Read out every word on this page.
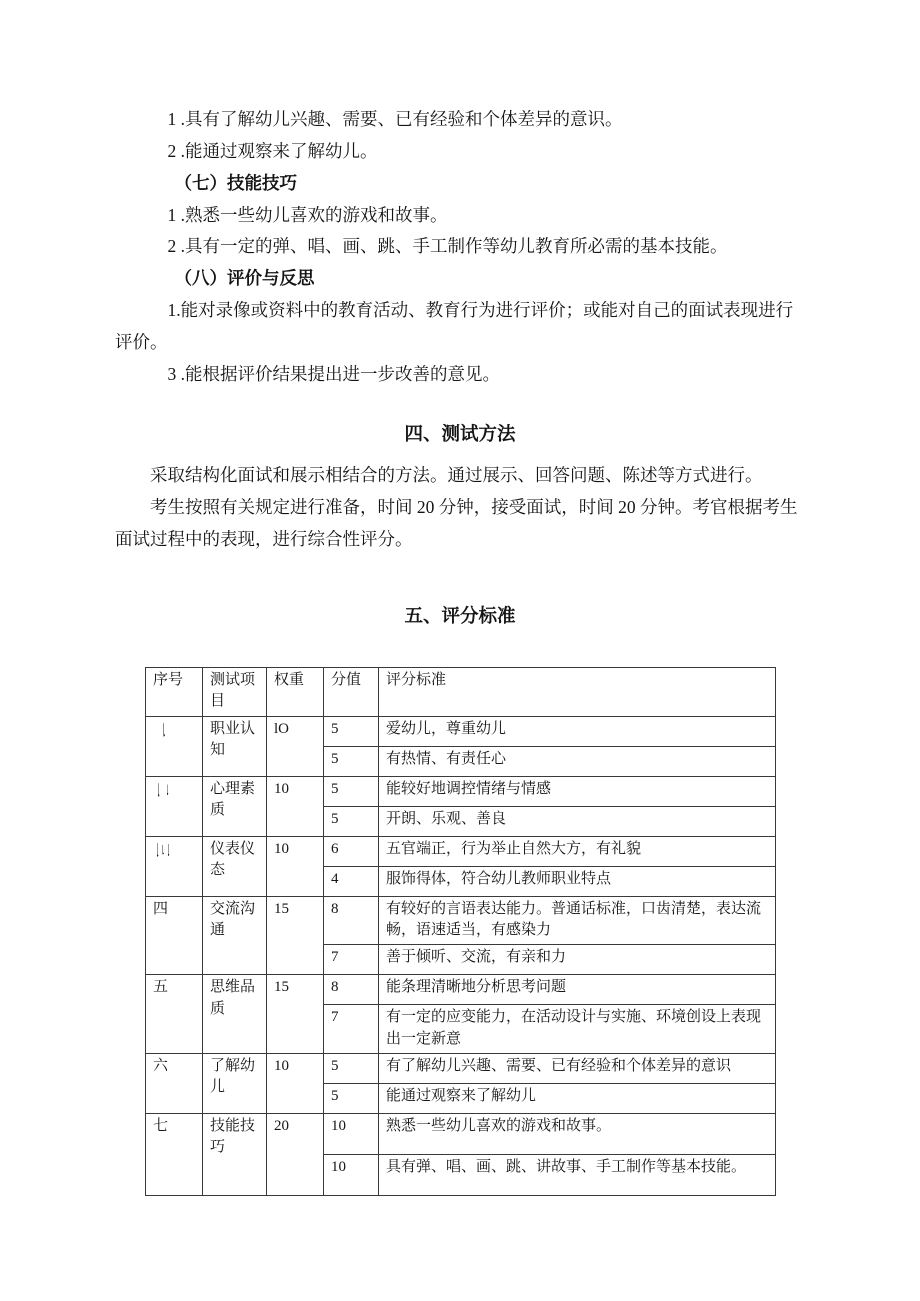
1 .具有了解幼儿兴趣、需要、已有经验和个体差异的意识。

2 .能通过观察来了解幼儿。

（七）技能技巧

1 .熟悉一些幼儿喜欢的游戏和故事。

2 .具有一定的弹、唱、画、跳、手工制作等幼儿教育所必需的基本技能。

（八）评价与反思

1.能对录像或资料中的教育活动、教育行为进行评价；或能对自己的面试表现进行评价。

3 .能根据评价结果提出进一步改善的意见。

四、测试方法

采取结构化面试和展示相结合的方法。通过展示、回答问题、陈述等方式进行。

考生按照有关规定进行准备，时间 20 分钟，接受面试，时间 20 分钟。考官根据考生面试过程中的表现，进行综合性评分。

五、评分标准

序号	测试项目	权重	分值	评分标准
一	职业认知	lO	5	爱幼儿，尊重幼儿
			5	有热情、有责任心
二	心理素质	10	5	能较好地调控情绪与情感
			5	开朗、乐观、善良
三	仪表仪态	10	6	五官端正，行为举止自然大方，有礼貌
			4	服饰得体，符合幼儿教师职业特点
四	交流沟通	15	8	有较好的言语表达能力。普通话标准，口齿清楚，表达流畅，语速适当，有感染力
			7	善于倾听、交流，有亲和力
五	思维品质	15	8	能条理清晰地分析思考问题
			7	有一定的应变能力，在活动设计与实施、环境创设上表现出一定新意
六	了解幼儿	10	5	有了解幼儿兴趣、需要、已有经验和个体差异的意识
			5	能通过观察来了解幼儿
七	技能技巧	20	10	熟悉一些幼儿喜欢的游戏和故事。
			10	具有弹、唱、画、跳、讲故事、手工制作等基本技能。
